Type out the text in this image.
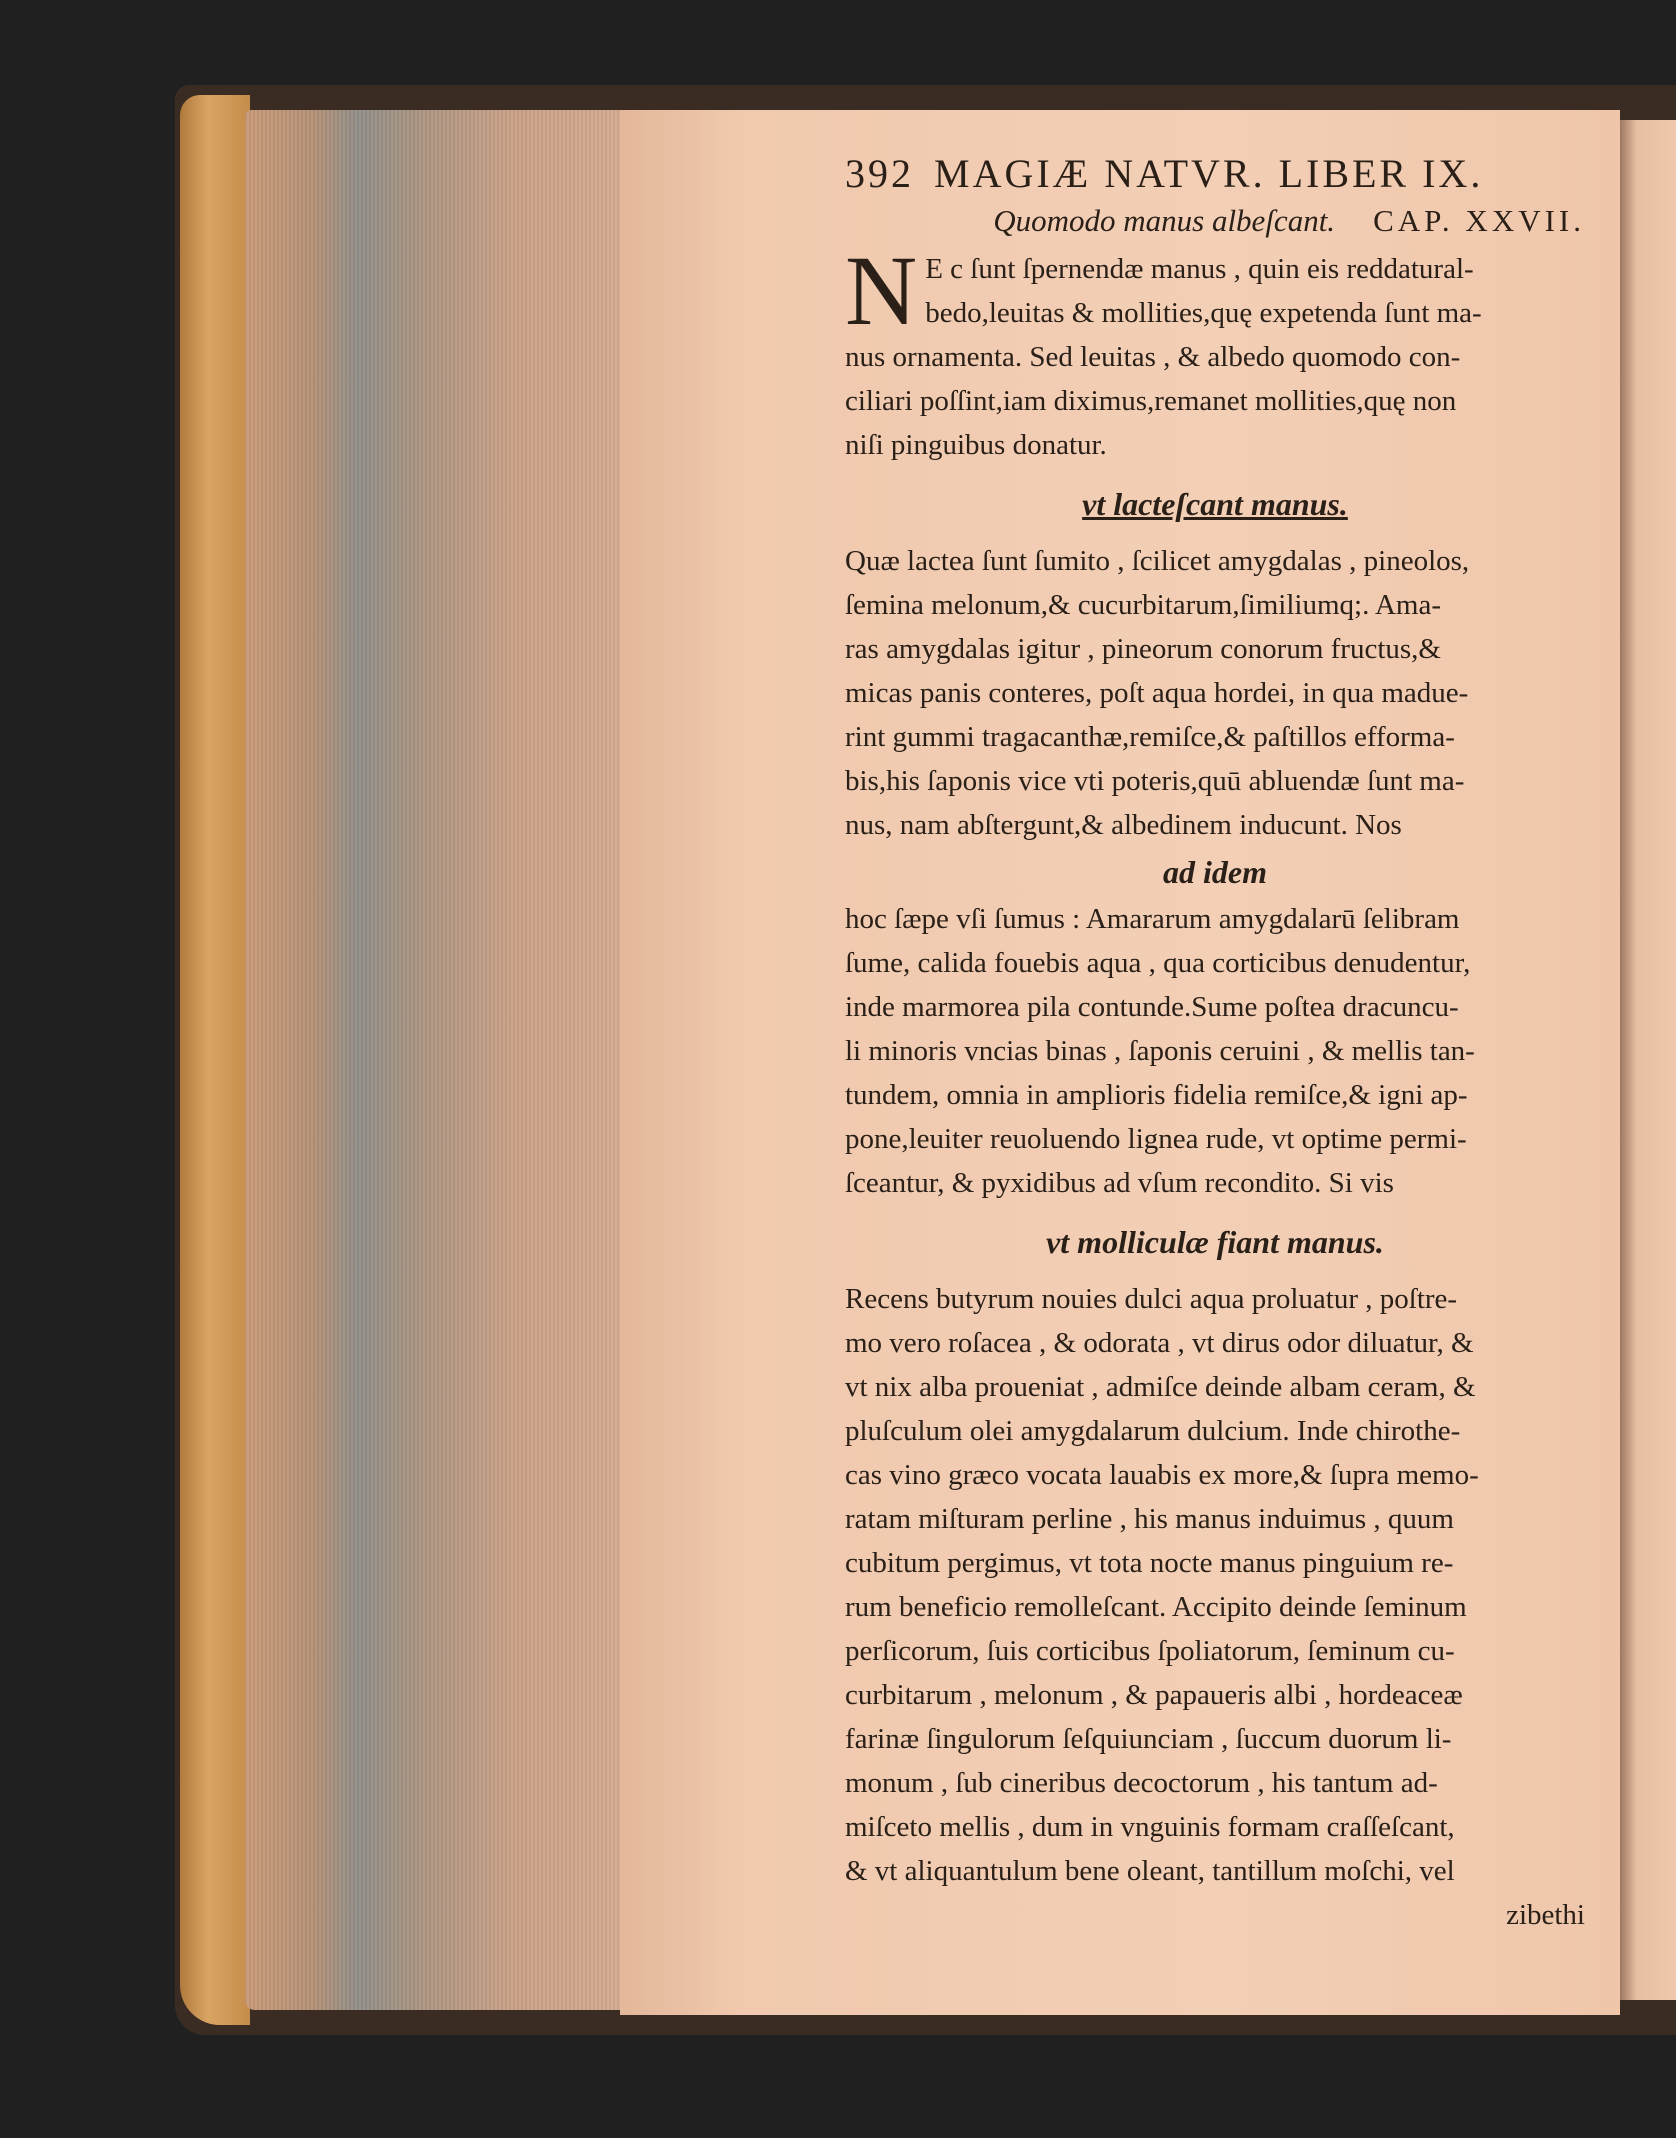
392 MAGIÆ NATVR. LIBER IX.
Quomodo manus albeſcant. CAP. XXVII.
N E c ſunt ſpernendæ manus , quin eis reddatural-
bedo,leuitas & mollities,quę expetenda ſunt ma-
nus ornamenta. Sed leuitas , & albedo quomodo con-
ciliari poſſint,iam diximus,remanet mollities,quę non
niſi pinguibus donatur.
vt lacteſcant manus.
Quæ lactea ſunt ſumito , ſcilicet amygdalas , pineolos,
ſemina melonum,& cucurbitarum,ſimiliumq;. Ama-
ras amygdalas igitur , pineorum conorum fructus,&
micas panis conteres, poſt aqua hordei, in qua madue-
rint gummi tragacanthæ,remiſce,& paſtillos efforma-
bis,his ſaponis vice vti poteris,quū abluendæ ſunt ma-
nus, nam abſtergunt,& albedinem inducunt. Nos
ad idem
hoc ſæpe vſi ſumus : Amararum amygdalarū ſelibram
ſume, calida fouebis aqua , qua corticibus denudentur,
inde marmorea pila contunde.Sume poſtea dracuncu-
li minoris vncias binas , ſaponis ceruini , & mellis tan-
tundem, omnia in amplioris fidelia remiſce,& igni ap-
pone,leuiter reuoluendo lignea rude, vt optime permi-
ſceantur, & pyxidibus ad vſum recondito. Si vis
vt molliculæ fiant manus.
Recens butyrum nouies dulci aqua proluatur , poſtre-
mo vero roſacea , & odorata , vt dirus odor diluatur, &
vt nix alba proueniat , admiſce deinde albam ceram, &
pluſculum olei amygdalarum dulcium. Inde chirothe-
cas vino græco vocata lauabis ex more,& ſupra memo-
ratam miſturam perline , his manus induimus , quum
cubitum pergimus, vt tota nocte manus pinguium re-
rum beneficio remolleſcant. Accipito deinde ſeminum
perſicorum, ſuis corticibus ſpoliatorum, ſeminum cu-
curbitarum , melonum , & papaueris albi , hordeaceæ
farinæ ſingulorum ſeſquiunciam , ſuccum duorum li-
monum , ſub cineribus decoctorum , his tantum ad-
miſceto mellis , dum in vnguinis formam craſſeſcant,
& vt aliquantulum bene oleant, tantillum moſchi, vel
zibethi
